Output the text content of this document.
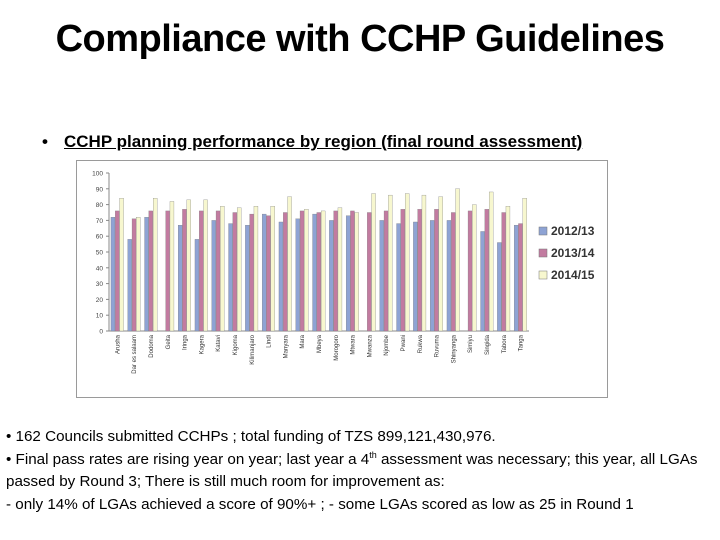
Compliance with CCHP Guidelines
• CCHP planning performance by region (final round assessment)
0
10
20
30
40
50
60
70
80
90
100
Arusha Dar es salaam Dodoma Geita Iringa Kagera Katavi Kigoma Kilimanjaro Lindi Manyara Mara Mbeya Morogoro Mtwara Mwanza Njombe Pwani Rukwa Ruvuma Shinyanga Simiyu Singida Tabora Tanga
2012/13
2013/14
2014/15

• 162 Councils submitted CCHPs ; total funding of TZS 899,121,430,976.

• Final pass rates are rising year on year; last year a 4th assessment was necessary; this year, all LGAs passed by Round 3; There is still much room for improvement as:

- only 14% of LGAs achieved a score of 90%+ ; - some LGAs scored as low as 25 in Round 1
